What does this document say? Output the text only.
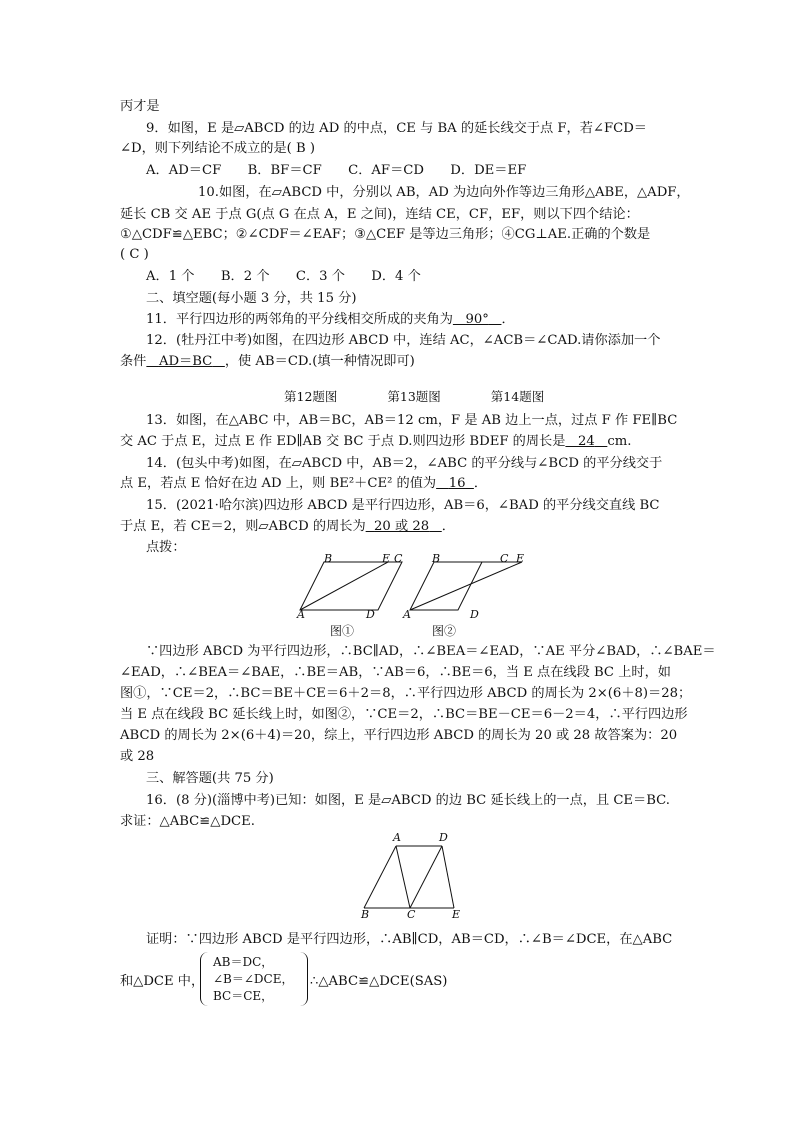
丙才是
9．如图，E 是▱ABCD 的边 AD 的中点，CE 与 BA 的延长线交于点 F，若∠FCD＝
∠D，则下列结论不成立的是( B )
A．AD＝CF　　B．BF＝CF　　C．AF＝CD　　D．DE＝EF
10.如图，在▱ABCD 中，分别以 AB，AD 为边向外作等边三角形△ABE，△ADF，
延长 CB 交 AE 于点 G(点 G 在点 A，E 之间)，连结 CE，CF，EF，则以下四个结论：
①△CDF≌△EBC；②∠CDF＝∠EAF；③△CEF 是等边三角形；④CG⊥AE.正确的个数是
( C )
A．1 个　　B．2 个　　C．3 个　　D．4 个
二、填空题(每小题 3 分，共 15 分)
11．平行四边形的两邻角的平分线相交所成的夹角为 90° ．
12．(牡丹江中考)如图，在四边形 ABCD 中，连结 AC，∠ACB＝∠CAD.请你添加一个
条件 AD＝BC ，使 AB＝CD.(填一种情况即可)
第12题图　　　　第13题图　　　　第14题图
13．如图，在△ABC 中，AB＝BC，AB＝12 cm，F 是 AB 边上一点，过点 F 作 FE∥BC
交 AC 于点 E，过点 E 作 ED∥AB 交 BC 于点 D.则四边形 BDEF 的周长是 24 cm.
14．(包头中考)如图，在▱ABCD 中，AB＝2，∠ABC 的平分线与∠BCD 的平分线交于
点 E，若点 E 恰好在边 AD 上，则 BE²＋CE² 的值为 16 ．
15．(2021·哈尔滨)四边形 ABCD 是平行四边形，AB＝6，∠BAD 的平分线交直线 BC
于点 E，若 CE＝2，则▱ABCD 的周长为 20 或 28 ．
点拨：
B	E C
A	D
图①
B	C E
A	D
图②
∵四边形 ABCD 为平行四边形，∴BC∥AD，∴∠BEA＝∠EAD，∵AE 平分∠BAD，∴∠BAE＝
∠EAD，∴∠BEA＝∠BAE，∴BE＝AB，∵AB＝6，∴BE＝6，当 E 点在线段 BC 上时，如
图①，∵CE＝2，∴BC＝BE＋CE＝6＋2＝8，∴平行四边形 ABCD 的周长为 2×(6＋8)＝28；
当 E 点在线段 BC 延长线上时，如图②，∵CE＝2，∴BC＝BE－CE＝6－2＝4，∴平行四边形
ABCD 的周长为 2×(6＋4)＝20，综上，平行四边形 ABCD 的周长为 20 或 28 故答案为：20
或 28
三、解答题(共 75 分)
16．(8 分)(淄博中考)已知：如图，E 是▱ABCD 的边 BC 延长线上的一点，且 CE＝BC.
求证：△ABC≌△DCE.
A	D
B	C	E
证明：∵四边形 ABCD 是平行四边形，∴AB∥CD，AB＝CD，∴∠B＝∠DCE，在△ABC
和△DCE 中，
AB＝DC，
∠B＝∠DCE，
BC＝CE，
∴△ABC≌△DCE(SAS)
